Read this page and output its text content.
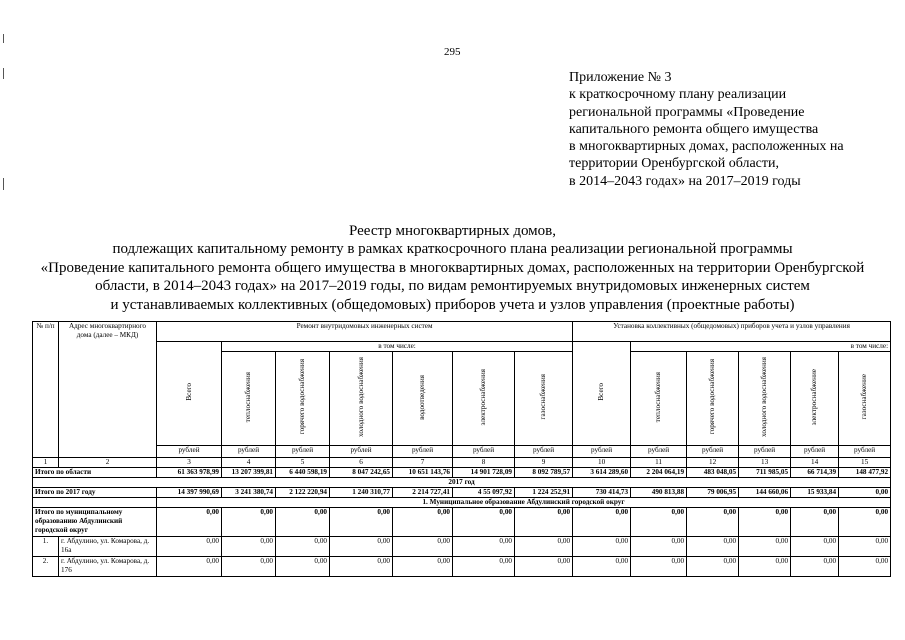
295
Приложение № 3
к краткосрочному плану реализации
региональной программы «Проведение
капитального ремонта общего имущества
в многоквартирных домах, расположенных на
территории Оренбургской области,
в 2014–2043 годах» на 2017–2019 годы
Реестр многоквартирных домов,
подлежащих капитальному ремонту в рамках краткосрочного плана реализации региональной программы
«Проведение капитального ремонта общего имущества в многоквартирных домах, расположенных на территории Оренбургской
области, в 2014–2043 годах» на 2017–2019 годы, по видам ремонтируемых внутридомовых инженерных систем
и устанавливаемых коллективных (общедомовых) приборов учета и узлов управления (проектные работы)
№ п/п	Адрес многоквартирного дома (далее – МКД)	Ремонт внутридомовых инженерных систем							Установка коллективных (общедомовых) приборов учета и узлов управления					
		Всего	в том числе:						Всего	в том числе:				
			теплоснабжения	горячего водоснабжения	холодного водоснабжения	водоотведения	электроснабжения	газоснабжения		теплоснабжения	горячего водоснабжения	холодного водоснабжения	электроснабжение	газоснабжение
		рублей	рублей	рублей	рублей	рублей	рублей	рублей	рублей	рублей	рублей	рублей	рублей	рублей
1	2	3	4	5	6	7	8	9	10	11	12	13	14	15
Итого по области		61 363 978,99	13 207 399,81	6 440 598,19	8 047 242,65	10 651 143,76	14 901 728,09	8 092 789,57	3 614 289,60	2 204 064,19	483 048,05	711 985,05	66 714,39	148 477,92
2017 год														
Итого по 2017 году		14 397 990,69	3 241 380,74	2 122 220,94	1 240 310,77	2 214 727,41	4 55 097,92	1 224 252,91	730 414,73	490 813,88	79 006,95	144 660,06	15 933,84	0,00
		1. Муниципальное образование Абдулинский городской округ												
Итого по муниципальному образованию Абдулинский городской округ		0,00	0,00	0,00	0,00	0,00	0,00	0,00	0,00	0,00	0,00	0,00	0,00	0,00
1.	г. Абдулино, ул. Комарова, д. 16а	0,00	0,00	0,00	0,00	0,00	0,00	0,00	0,00	0,00	0,00	0,00	0,00	0,00
2.	г. Абдулино, ул. Комарова, д. 176	0,00	0,00	0,00	0,00	0,00	0,00	0,00	0,00	0,00	0,00	0,00	0,00	0,00
